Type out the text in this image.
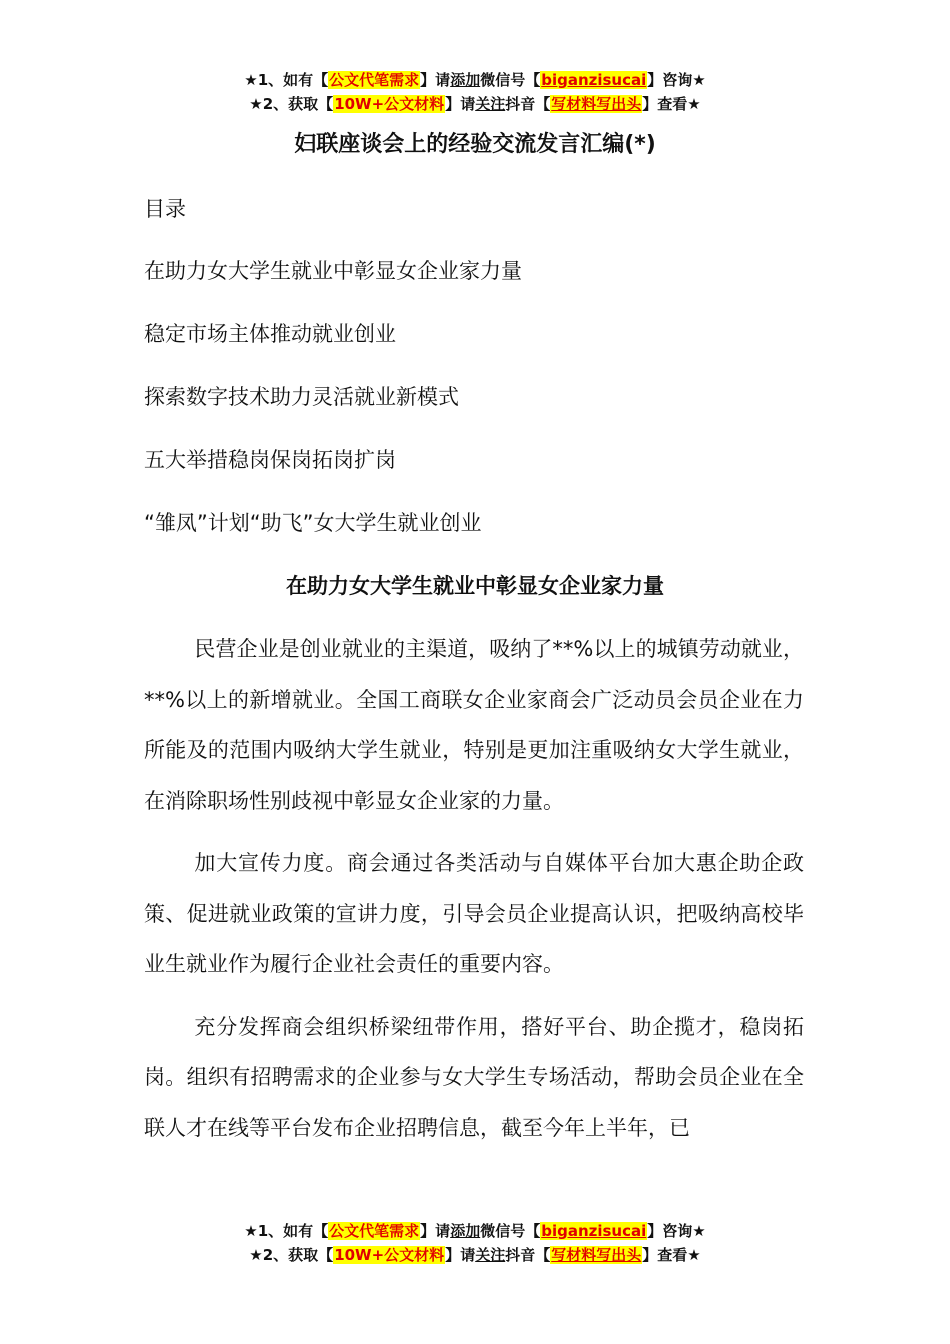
★1、如有【公文代笔需求】请添加微信号【biganzisucai】咨询★
★2、获取【10W+公文材料】请关注抖音【写材料写出头】查看★
妇联座谈会上的经验交流发言汇编(*)
目录
在助力女大学生就业中彰显女企业家力量
稳定市场主体推动就业创业
探索数字技术助力灵活就业新模式
五大举措稳岗保岗拓岗扩岗
“雏凤”计划“助飞”女大学生就业创业
在助力女大学生就业中彰显女企业家力量

民营企业是创业就业的主渠道，吸纳了**%以上的城镇劳动就业，**%以上的新增就业。全国工商联女企业家商会广泛动员会员企业在力所能及的范围内吸纳大学生就业，特别是更加注重吸纳女大学生就业，在消除职场性别歧视中彰显女企业家的力量。

加大宣传力度。商会通过各类活动与自媒体平台加大惠企助企政策、促进就业政策的宣讲力度，引导会员企业提高认识，把吸纳高校毕业生就业作为履行企业社会责任的重要内容。

充分发挥商会组织桥梁纽带作用，搭好平台、助企揽才，稳岗拓岗。组织有招聘需求的企业参与女大学生专场活动，帮助会员企业在全联人才在线等平台发布企业招聘信息，截至今年上半年，已

★1、如有【公文代笔需求】请添加微信号【biganzisucai】咨询★
★2、获取【10W+公文材料】请关注抖音【写材料写出头】查看★
